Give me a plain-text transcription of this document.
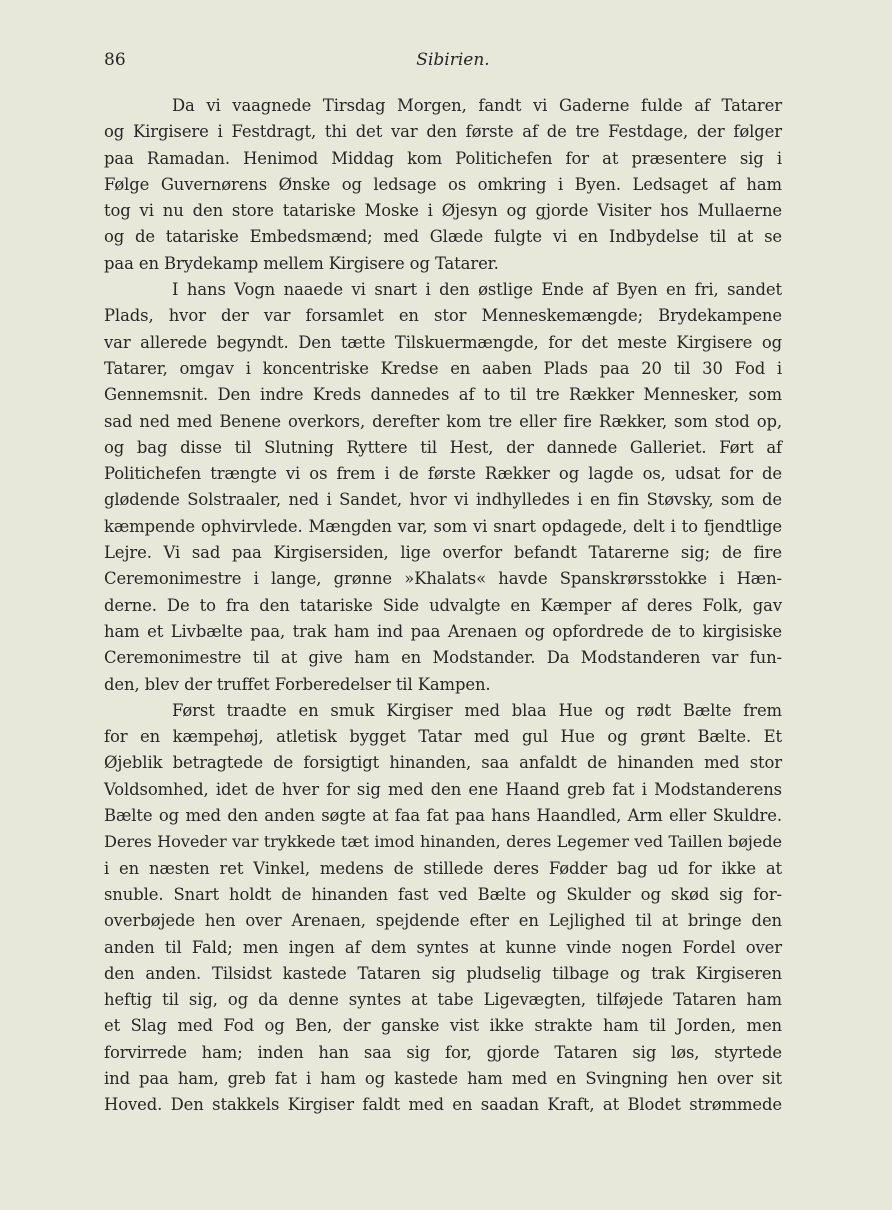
86	Sibirien.
Da vi vaagnede Tirsdag Morgen, fandt vi Gaderne fulde af Tatarer
og Kirgisere i Festdragt, thi det var den første af de tre Festdage, der følger
paa Ramadan. Henimod Middag kom Politichefen for at præsentere sig i
Følge Guvernørens Ønske og ledsage os omkring i Byen. Ledsaget af ham
tog vi nu den store tatariske Moske i Øjesyn og gjorde Visiter hos Mullaerne
og de tatariske Embedsmænd; med Glæde fulgte vi en Indbydelse til at se
paa en Brydekamp mellem Kirgisere og Tatarer.
I hans Vogn naaede vi snart i den østlige Ende af Byen en fri, sandet
Plads, hvor der var forsamlet en stor Menneskemængde; Brydekampene
var allerede begyndt. Den tætte Tilskuermængde, for det meste Kirgisere og
Tatarer, omgav i koncentriske Kredse en aaben Plads paa 20 til 30 Fod i
Gennemsnit. Den indre Kreds dannedes af to til tre Rækker Mennesker, som
sad ned med Benene overkors, derefter kom tre eller fire Rækker, som stod op,
og bag disse til Slutning Ryttere til Hest, der dannede Galleriet. Ført af
Politichefen trængte vi os frem i de første Rækker og lagde os, udsat for de
glødende Solstraaler, ned i Sandet, hvor vi indhylledes i en fin Støvsky, som de
kæmpende ophvirvlede. Mængden var, som vi snart opdagede, delt i to fjendtlige
Lejre. Vi sad paa Kirgisersiden, lige overfor befandt Tatarerne sig; de fire
Ceremonimestre i lange, grønne »Khalats« havde Spanskrørsstokke i Hæn-
derne. De to fra den tatariske Side udvalgte en Kæmper af deres Folk, gav
ham et Livbælte paa, trak ham ind paa Arenaen og opfordrede de to kirgisiske
Ceremonimestre til at give ham en Modstander. Da Modstanderen var fun-
den, blev der truffet Forberedelser til Kampen.
Først traadte en smuk Kirgiser med blaa Hue og rødt Bælte frem
for en kæmpehøj, atletisk bygget Tatar med gul Hue og grønt Bælte. Et
Øjeblik betragtede de forsigtigt hinanden, saa anfaldt de hinanden med stor
Voldsomhed, idet de hver for sig med den ene Haand greb fat i Modstanderens
Bælte og med den anden søgte at faa fat paa hans Haandled, Arm eller Skuldre.
Deres Hoveder var trykkede tæt imod hinanden, deres Legemer ved Taillen bøjede
i en næsten ret Vinkel, medens de stillede deres Fødder bag ud for ikke at
snuble. Snart holdt de hinanden fast ved Bælte og Skulder og skød sig for-
overbøjede hen over Arenaen, spejdende efter en Lejlighed til at bringe den
anden til Fald; men ingen af dem syntes at kunne vinde nogen Fordel over
den anden. Tilsidst kastede Tataren sig pludselig tilbage og trak Kirgiseren
heftig til sig, og da denne syntes at tabe Ligevægten, tilføjede Tataren ham
et Slag med Fod og Ben, der ganske vist ikke strakte ham til Jorden, men
forvirrede ham; inden han saa sig for, gjorde Tataren sig løs, styrtede
ind paa ham, greb fat i ham og kastede ham med en Svingning hen over sit
Hoved. Den stakkels Kirgiser faldt med en saadan Kraft, at Blodet strømmede
